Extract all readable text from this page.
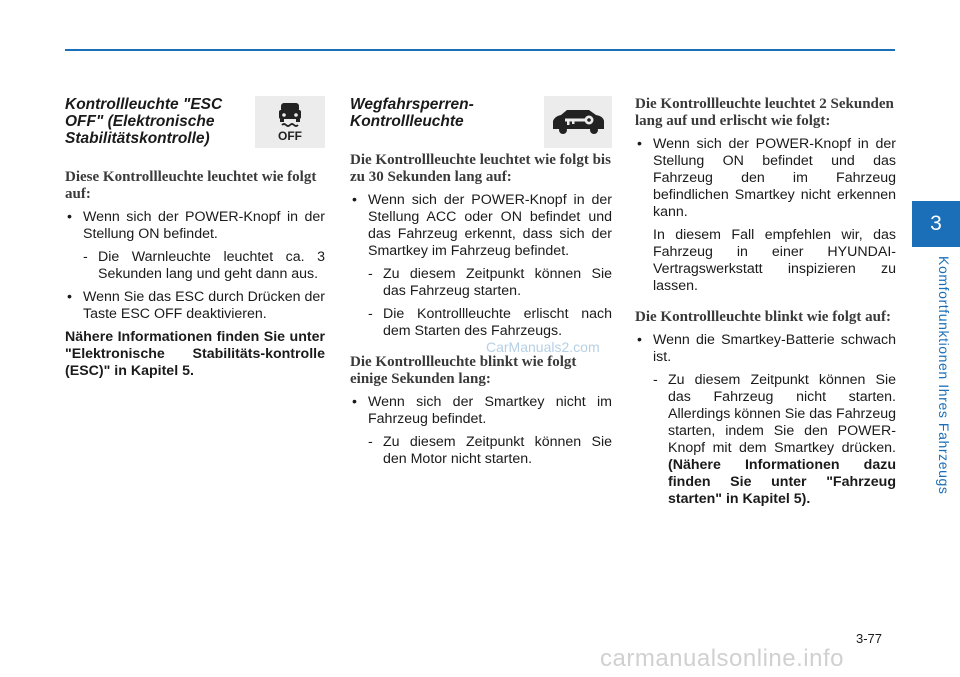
3
Komfortfunktionen Ihres Fahrzeugs
Kontrollleuchte "ESC OFF" (Elektronische Stabilitätskontrolle)	OFF
Diese Kontrollleuchte leuchtet wie folgt auf:

• Wenn sich der POWER-Knopf in der Stellung ON befindet.

- Die Warnleuchte leuchtet ca. 3 Sekunden lang und geht dann aus.

• Wenn Sie das ESC durch Drücken der Taste ESC OFF deaktivieren.

Nähere Informationen finden Sie unter "Elektronische Stabilitäts-kontrolle (ESC)" in Kapitel 5.

Wegfahrsperren-Kontrollleuchte
Die Kontrollleuchte leuchtet wie folgt bis zu 30 Sekunden lang auf:

• Wenn sich der POWER-Knopf in der Stellung ACC oder ON befindet und das Fahrzeug erkennt, dass sich der Smartkey im Fahrzeug befindet.

- Zu diesem Zeitpunkt können Sie das Fahrzeug starten.

- Die Kontrollleuchte erlischt nach dem Starten des Fahrzeugs.

Die Kontrollleuchte blinkt wie folgt einige Sekunden lang:

• Wenn sich der Smartkey nicht im Fahrzeug befindet.

- Zu diesem Zeitpunkt können Sie den Motor nicht starten.

Die Kontrollleuchte leuchtet 2 Sekunden lang auf und erlischt wie folgt:

• Wenn sich der POWER-Knopf in der Stellung ON befindet und das Fahrzeug den im Fahrzeug befindlichen Smartkey nicht erkennen kann.

In diesem Fall empfehlen wir, das Fahrzeug in einer HYUNDAI-Vertragswerkstatt inspizieren zu lassen.

Die Kontrollleuchte blinkt wie folgt auf:

• Wenn die Smartkey-Batterie schwach ist.

- Zu diesem Zeitpunkt können Sie das Fahrzeug nicht starten. Allerdings können Sie das Fahrzeug starten, indem Sie den POWER-Knopf mit dem Smartkey drücken. (Nähere Informationen dazu finden Sie unter "Fahrzeug starten" in Kapitel 5).

CarManuals2.com
3-77
carmanualsonline.info
